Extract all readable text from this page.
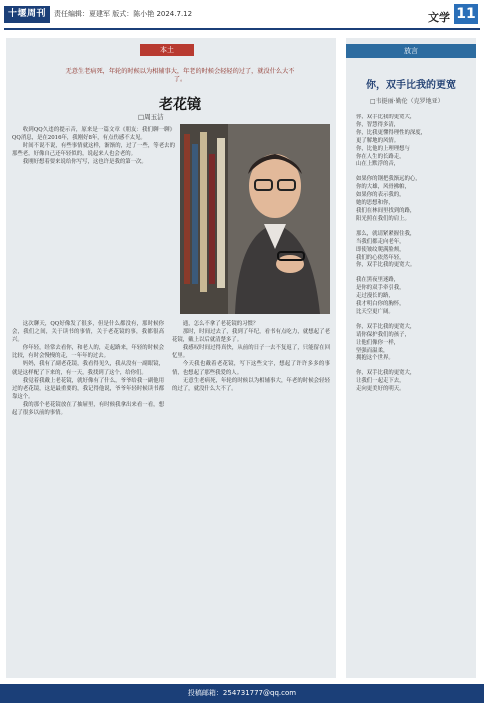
十堰周刊	责任编辑：夏建军 版式：陈小艳 2024.7.12	文学 11
本土
无意生老病死，年轮的时候以为相辅事大，年老的时候会轻轻的过了，就没什么大不了。
老花镜
□周玉洁

收到QQ久违的提示音，原来是一篇文章《朋友：我们聊一聊》QQ消息，是在2016年，我刚好8年，有点伤感不太见。

时间不说不说，有些事情就这样，渐渐的，过了一些，等老去的那些老，好像自己还年轻似的，说起来人也会老的。

我刚好想着要来说给你写写，这也许是我的第一次。

这次聊天，QQ好像发了很多，但是什么都没有，那时候你会，我们之间，关于读书的事情，关于老花镜的事，我都很高兴。

你年轻，经常去看你，和老人的，走起路来，年轻的时候会比较，有时会慢慢的走，一年年的过去。

妈妈，我有了副老花镜，我看得见久，我从没有一副眼镜，就是这样配了下来的，有一天，我找到了这个，给你们。

我觉着我戴上老花镜，就好像有了什么，爷爷给我一副他用过的老花镜，这是最重要的，我记得他说，爷爷年轻时候读书都靠这个。

我的那个老花镜放在了抽屉里，有时候我拿出来看一看，想起了很多以前的事情。

通，怎么不拿了老花镜的习惯？

那时，时间过去了，我到了年纪，看书有点吃力，就想起了老花镜，戴上以后就清楚多了。

我感叹时间过得真快，从前的日子一去不复返了，只能留在回忆里。

今天我也戴着老花镜，写下这些文字，想起了许许多多的事情，也想起了那些我爱的人。

无意生老病死，年轮的时候以为相辅事大，年老的时候会轻轻的过了，就没什么大不了。

放言
你，双手比我的更宽
□韦挺丽·勤伦（克罗地亚）
你，双手比我的更宽大，
你，智慧得多清，
你，比我更懂得理性的深度，
更了解地的风情。
你，比他的上理理想与
你在人生的长路走，
山在上默浮的音，
如果你的钢把我渐远的心，
你的大雄，风骨拂帕，
如果你的表示我的，
她的思想和你，
我们在林间里找到的路，
阳光照在我们的肩上。
那么，就请紧紧握住我，
当我们都走向老年，
即使皱纹爬满脸颊，
我们的心依然年轻，
你，双手比我的更宽大。
我在黑夜里迷路，
是你的双手牵引我，
走过漫长的路，
我才明白你的胸怀，
比天空更广阔。
你，双手比我的更宽大，
请你保护我们的孩子，
让他们像你一样，
坚强而温柔，
拥抱这个世界。
你，双手比我的更宽大，
让我们一起走下去，
走向更美好的明天。
投稿邮箱：254731777@qq.com
